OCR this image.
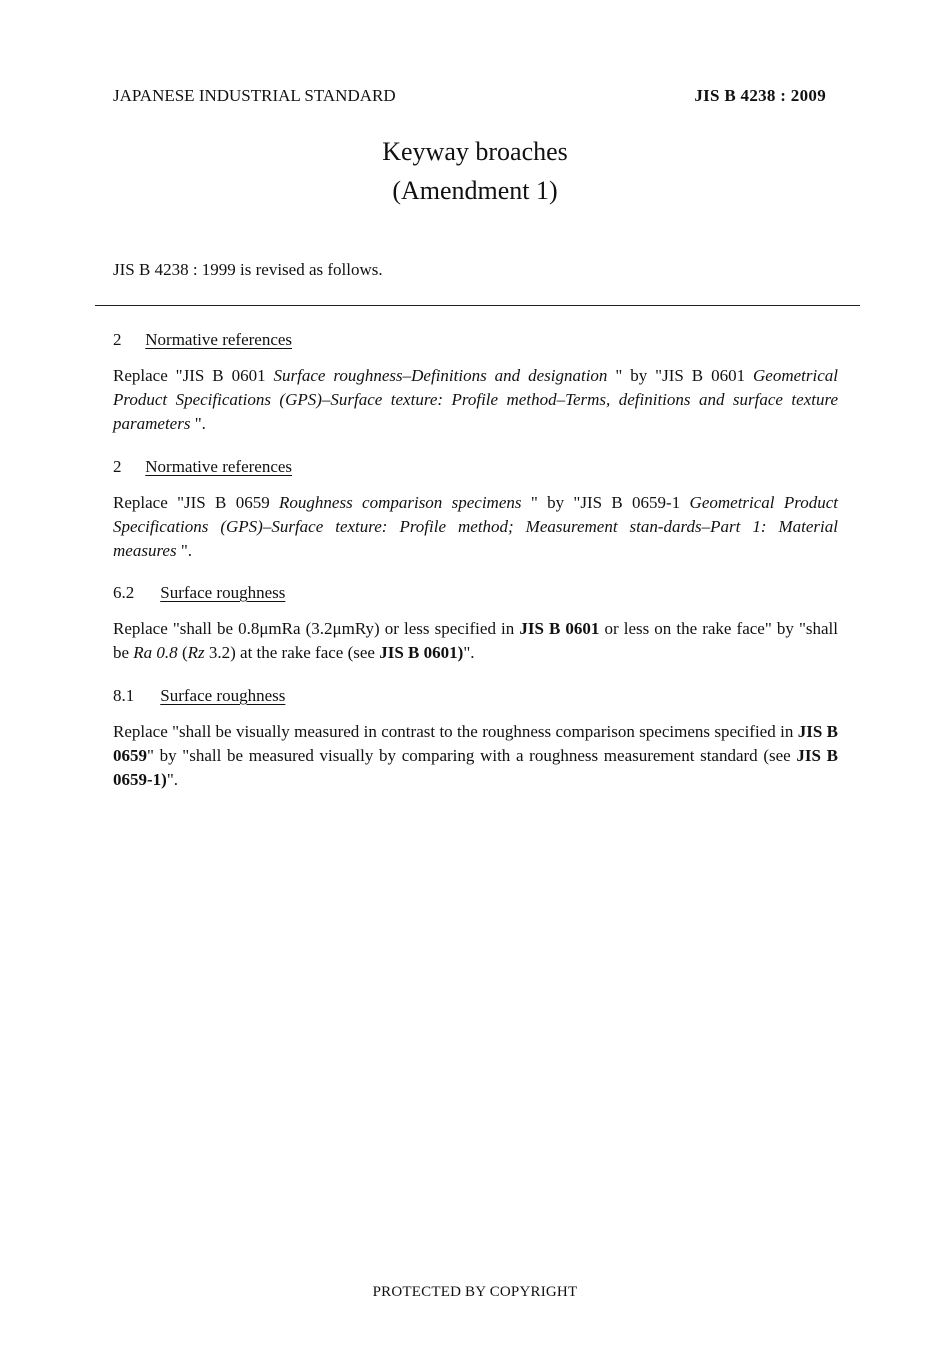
JAPANESE INDUSTRIAL STANDARD	JIS B 4238 : 2009
Keyway broaches
(Amendment 1)
JIS B 4238 : 1999 is revised as follows.
2 Normative references
Replace "JIS B 0601 Surface roughness–Definitions and designation " by "JIS B 0601 Geometrical Product Specifications (GPS)–Surface texture: Profile method–Terms, definitions and surface texture parameters ".
2 Normative references
Replace "JIS B 0659 Roughness comparison specimens " by "JIS B 0659-1 Geometrical Product Specifications (GPS)–Surface texture: Profile method; Measurement stan-dards–Part 1: Material measures ".
6.2 Surface roughness
Replace "shall be 0.8μmRa (3.2μmRy) or less specified in JIS B 0601 or less on the rake face" by "shall be Ra 0.8 (Rz 3.2) at the rake face (see JIS B 0601)".
8.1 Surface roughness
Replace "shall be visually measured in contrast to the roughness comparison specimens specified in JIS B 0659" by "shall be measured visually by comparing with a roughness measurement standard (see JIS B 0659-1)".
PROTECTED BY COPYRIGHT
